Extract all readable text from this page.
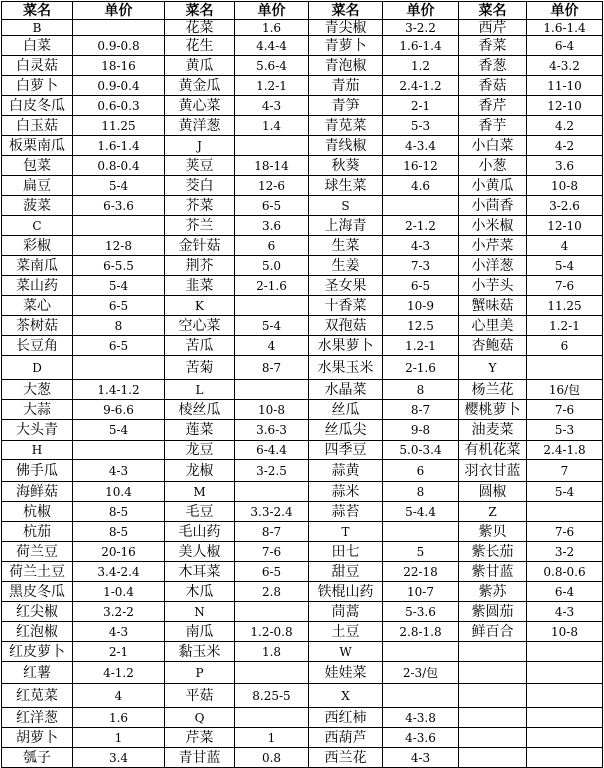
菜名	单价	菜名	单价	菜名	单价	菜名	单价
B		花菜	1.6	青尖椒	3-2.2	西芹	1.6-1.4
白菜	0.9-0.8	花生	4.4-4	青萝卜	1.6-1.4	香菜	6-4
白灵菇	18-16	黄瓜	5.6-4	青泡椒	1.2	香葱	4-3.2
白萝卜	0.9-0.4	黄金瓜	1.2-1	青茄	2.4-1.2	香菇	11-10
白皮冬瓜	0.6-0.3	黄心菜	4-3	青笋	2-1	香芹	12-10
白玉菇	11.25	黄洋葱	1.4	青苋菜	5-3	香芋	4.2
板栗南瓜	1.6-1.4	J		青线椒	4-3.4	小白菜	4-2
包菜	0.8-0.4	荚豆	18-14	秋葵	16-12	小葱	3.6
扁豆	5-4	茭白	12-6	球生菜	4.6	小黄瓜	10-8
菠菜	6-3.6	芥菜	6-5	S		小茴香	3-2.6
C		芥兰	3.6	上海青	2-1.2	小米椒	12-10
彩椒	12-8	金针菇	6	生菜	4-3	小芹菜	4
菜南瓜	6-5.5	荆芥	5.0	生姜	7-3	小洋葱	5-4
菜山药	5-4	韭菜	2-1.6	圣女果	6-5	小芋头	7-6
菜心	6-5	K		十香菜	10-9	蟹味菇	11.25
茶树菇	8	空心菜	5-4	双孢菇	12.5	心里美	1.2-1
长豆角	6-5	苦瓜	4	水果萝卜	1.2-1	杏鲍菇	6
D		苦菊	8-7	水果玉米	2-1.6	Y	
大葱	1.4-1.2	L		水晶菜	8	杨兰花	16/包
大蒜	9-6.6	棱丝瓜	10-8	丝瓜	8-7	樱桃萝卜	7-6
大头青	5-4	莲菜	3.6-3	丝瓜尖	9-8	油麦菜	5-3
H		龙豆	6-4.4	四季豆	5.0-3.4	有机花菜	2.4-1.8
佛手瓜	4-3	龙椒	3-2.5	蒜黄	6	羽衣甘蓝	7
海鲜菇	10.4	M		蒜米	8	圆椒	5-4
杭椒	8-5	毛豆	3.3-2.4	蒜苔	5-4.4	Z	
杭茄	8-5	毛山药	8-7	T		紫贝	7-6
荷兰豆	20-16	美人椒	7-6	田七	5	紫长茄	3-2
荷兰土豆	3.4-2.4	木耳菜	6-5	甜豆	22-18	紫甘蓝	0.8-0.6
黑皮冬瓜	1-0.4	木瓜	2.8	铁棍山药	10-7	紫苏	6-4
红尖椒	3.2-2	N		茼蒿	5-3.6	紫圆茄	4-3
红泡椒	4-3	南瓜	1.2-0.8	土豆	2.8-1.8	鲜百合	10-8
红皮萝卜	2-1	黏玉米	1.8	W			
红薯	4-1.2	P		娃娃菜	2-3/包		
红苋菜	4	平菇	8.25-5	X			
红洋葱	1.6	Q		西红柿	4-3.8		
胡萝卜	1	芹菜	1	西葫芦	4-3.6		
瓠子	3.4	青甘蓝	0.8	西兰花	4-3		
